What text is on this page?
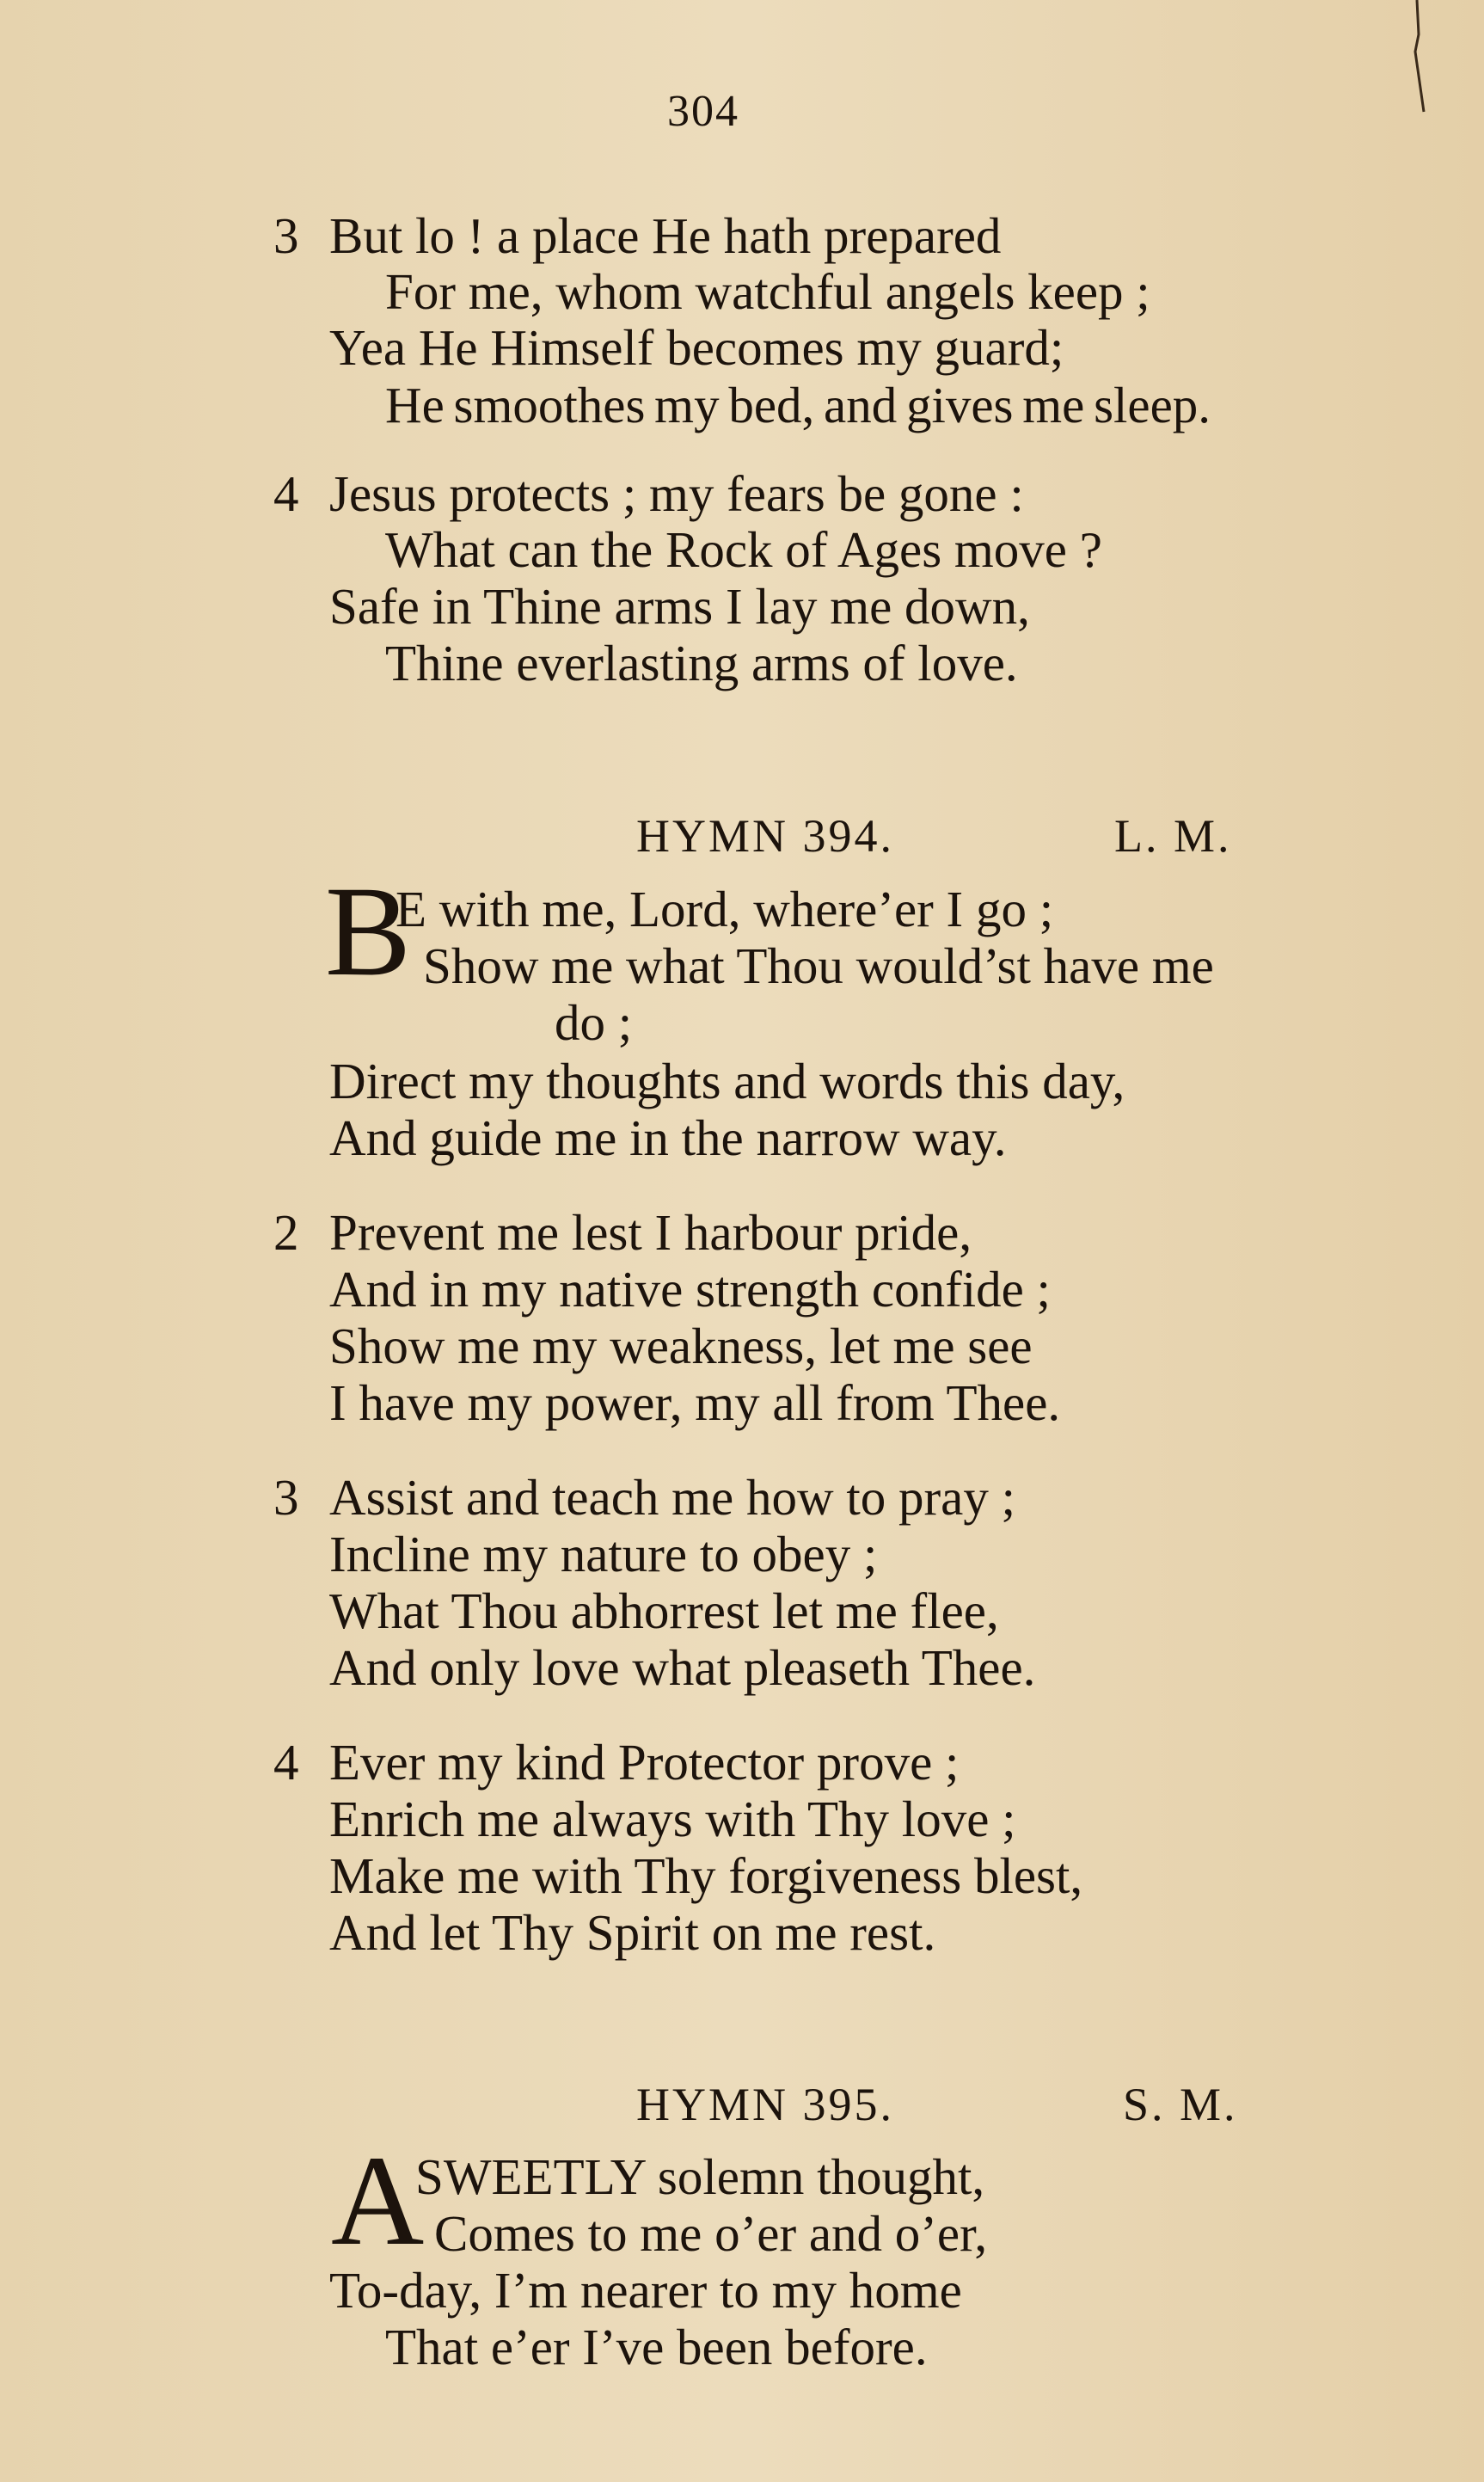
304
3 But lo ! a place He hath prepared
For me, whom watchful angels keep ;
Yea He Himself becomes my guard;
He smoothes my bed, and gives me sleep.
4 Jesus protects ; my fears be gone :
What can the Rock of Ages move ?
Safe in Thine arms I lay me down,
Thine everlasting arms of love.
HYMN 394.	L. M.
B
E with me, Lord, where’er I go ;
Show me what Thou would’st have me
do ;
Direct my thoughts and words this day,
And guide me in the narrow way.
2 Prevent me lest I harbour pride,
And in my native strength confide ;
Show me my weakness, let me see
I have my power, my all from Thee.
3 Assist and teach me how to pray ;
Incline my nature to obey ;
What Thou abhorrest let me flee,
And only love what pleaseth Thee.
4 Ever my kind Protector prove ;
Enrich me always with Thy love ;
Make me with Thy forgiveness blest,
And let Thy Spirit on me rest.
HYMN 395.	S. M.
A
SWEETLY solemn thought,
Comes to me o’er and o’er,
To-day, I’m nearer to my home
That e’er I’ve been before.
